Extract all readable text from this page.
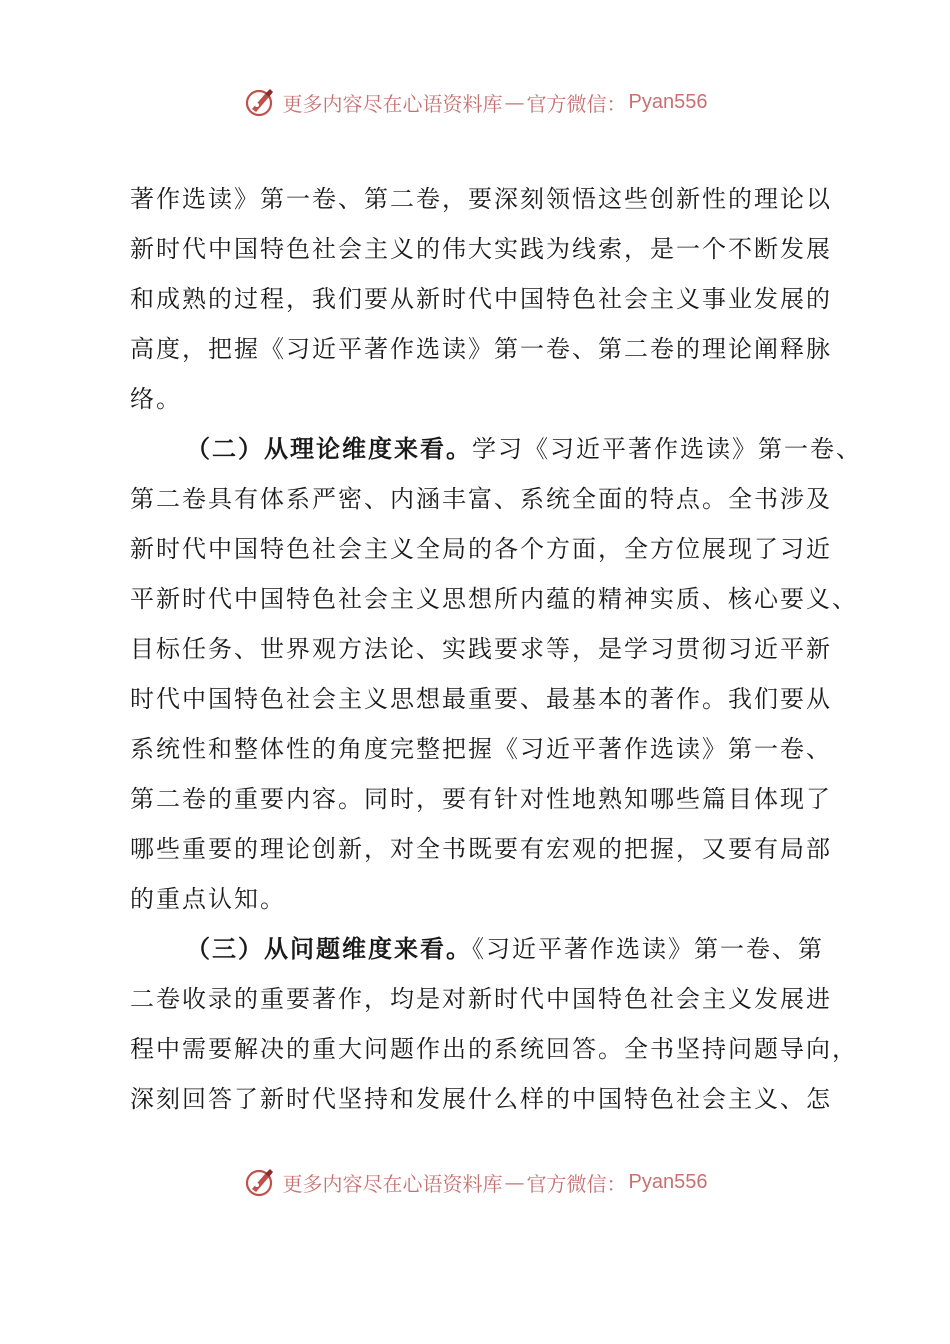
更多内容尽在心语资料库 — 官方微信： Pyan556
著作选读》第一卷、第二卷，要深刻领悟这些创新性的理论以
新时代中国特色社会主义的伟大实践为线索，是一个不断发展
和成熟的过程，我们要从新时代中国特色社会主义事业发展的
高度，把握《习近平著作选读》第一卷、第二卷的理论阐释脉
络。
（二）从理论维度来看。学习《习近平著作选读》第一卷、
第二卷具有体系严密、内涵丰富、系统全面的特点。全书涉及
新时代中国特色社会主义全局的各个方面，全方位展现了习近
平新时代中国特色社会主义思想所内蕴的精神实质、核心要义、
目标任务、世界观方法论、实践要求等，是学习贯彻习近平新
时代中国特色社会主义思想最重要、最基本的著作。我们要从
系统性和整体性的角度完整把握《习近平著作选读》第一卷、
第二卷的重要内容。同时，要有针对性地熟知哪些篇目体现了
哪些重要的理论创新，对全书既要有宏观的把握，又要有局部
的重点认知。
（三）从问题维度来看。《习近平著作选读》第一卷、第
二卷收录的重要著作，均是对新时代中国特色社会主义发展进
程中需要解决的重大问题作出的系统回答。全书坚持问题导向，
深刻回答了新时代坚持和发展什么样的中国特色社会主义、怎
更多内容尽在心语资料库 — 官方微信： Pyan556
